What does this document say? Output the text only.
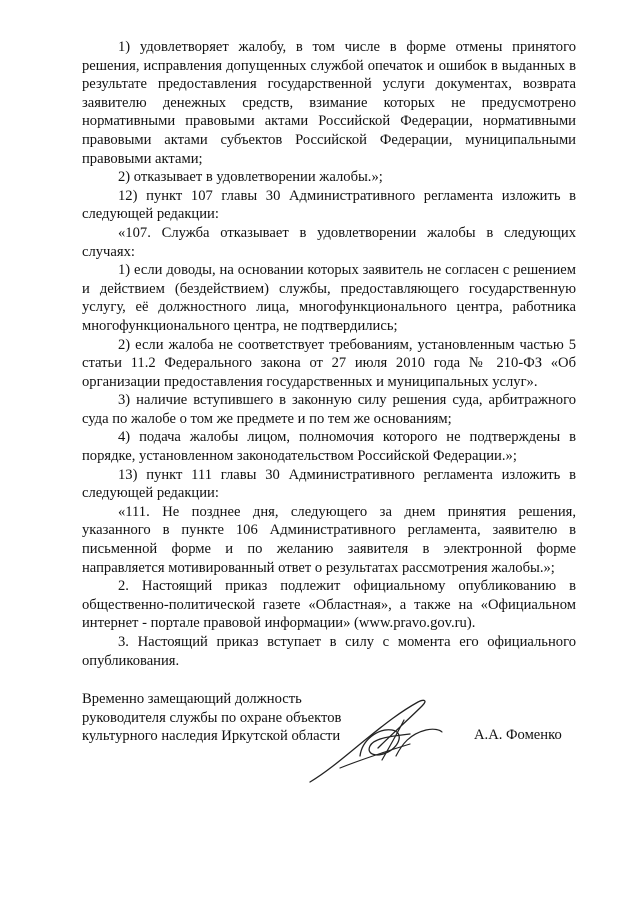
1) удовлетворяет жалобу, в том числе в форме отмены принятого решения, исправления допущенных службой опечаток и ошибок в выданных в результате предоставления государственной услуги документах, возврата заявителю денежных средств, взимание которых не предусмотрено нормативными правовыми актами Российской Федерации, нормативными правовыми актами субъектов Российской Федерации, муниципальными правовыми актами;

2) отказывает в удовлетворении жалобы.»;

12) пункт 107 главы 30 Административного регламента изложить в следующей редакции:

«107. Служба отказывает в удовлетворении жалобы в следующих случаях:

1) если доводы, на основании которых заявитель не согласен с решением и действием (бездействием) службы, предоставляющего государственную услугу, её должностного лица, многофункционального центра, работника многофункционального центра, не подтвердились;

2) если жалоба не соответствует требованиям, установленным частью 5 статьи 11.2 Федерального закона от 27 июля 2010 года № 210-ФЗ «Об организации предоставления государственных и муниципальных услуг».

3) наличие вступившего в законную силу решения суда, арбитражного суда по жалобе о том же предмете и по тем же основаниям;

4) подача жалобы лицом, полномочия которого не подтверждены в порядке, установленном законодательством Российской Федерации.»;

13) пункт 111 главы 30 Административного регламента изложить в следующей редакции:

«111. Не позднее дня, следующего за днем принятия решения, указанного в пункте 106 Административного регламента, заявителю в письменной форме и по желанию заявителя в электронной форме направляется мотивированный ответ о результатах рассмотрения жалобы.»;

2. Настоящий приказ подлежит официальному опубликованию в общественно-политической газете «Областная», а также на «Официальном интернет - портале правовой информации» (www.pravo.gov.ru).

3. Настоящий приказ вступает в силу с момента его официального опубликования.

Временно замещающий должность
руководителя службы по охране объектов
культурного наследия Иркутской области	А.А. Фоменко
